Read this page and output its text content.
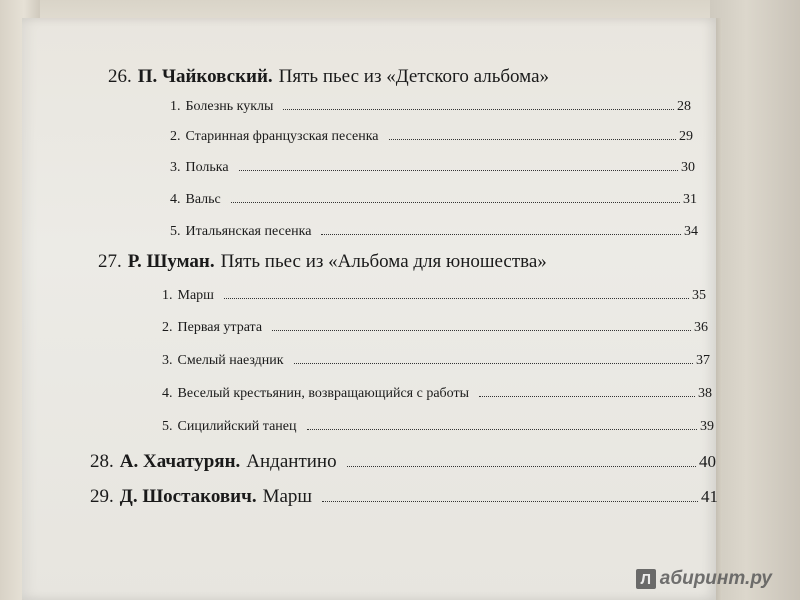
26. П. Чайковский. Пять пьес из «Детского альбома»
1. Болезнь куклы	28
2. Старинная французская песенка	29
3. Полька	30
4. Вальс	31
5. Итальянская песенка	34
27. Р. Шуман. Пять пьес из «Альбома для юношества»
1. Марш	35
2. Первая утрата	36
3. Смелый наездник	37
4. Веселый крестьянин, возвращающийся с работы	38
5. Сицилийский танец	39
28. А. Хачатурян. Андантино	40
29. Д. Шостакович. Марш	41
Л абиринт.ру
